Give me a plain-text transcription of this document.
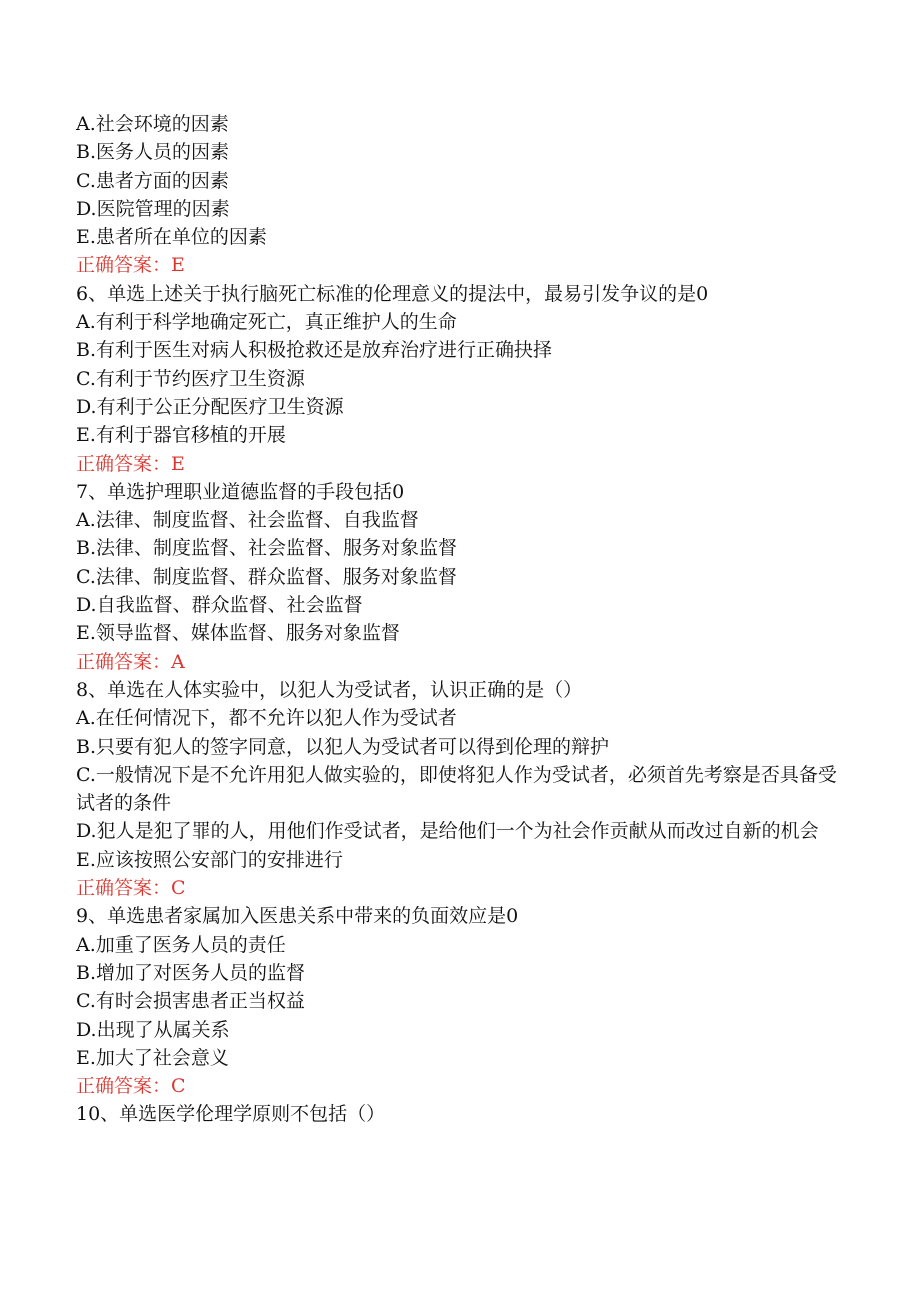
A.社会环境的因素
B.医务人员的因素
C.患者方面的因素
D.医院管理的因素
E.患者所在单位的因素
正确答案：E
6、单选上述关于执行脑死亡标准的伦理意义的提法中，最易引发争议的是0
A.有利于科学地确定死亡，真正维护人的生命
B.有利于医生对病人积极抢救还是放弃治疗进行正确抉择
C.有利于节约医疗卫生资源
D.有利于公正分配医疗卫生资源
E.有利于器官移植的开展
正确答案：E
7、单选护理职业道德监督的手段包括0
A.法律、制度监督、社会监督、自我监督
B.法律、制度监督、社会监督、服务对象监督
C.法律、制度监督、群众监督、服务对象监督
D.自我监督、群众监督、社会监督
E.领导监督、媒体监督、服务对象监督
正确答案：A
8、单选在人体实验中，以犯人为受试者，认识正确的是（）
A.在任何情况下，都不允许以犯人作为受试者
B.只要有犯人的签字同意，以犯人为受试者可以得到伦理的辩护
C.一般情况下是不允许用犯人做实验的，即使将犯人作为受试者，必须首先考察是否具备受试者的条件
D.犯人是犯了罪的人，用他们作受试者，是给他们一个为社会作贡献从而改过自新的机会
E.应该按照公安部门的安排进行
正确答案：C
9、单选患者家属加入医患关系中带来的负面效应是0
A.加重了医务人员的责任
B.增加了对医务人员的监督
C.有时会损害患者正当权益
D.出现了从属关系
E.加大了社会意义
正确答案：C
10、单选医学伦理学原则不包括（）
